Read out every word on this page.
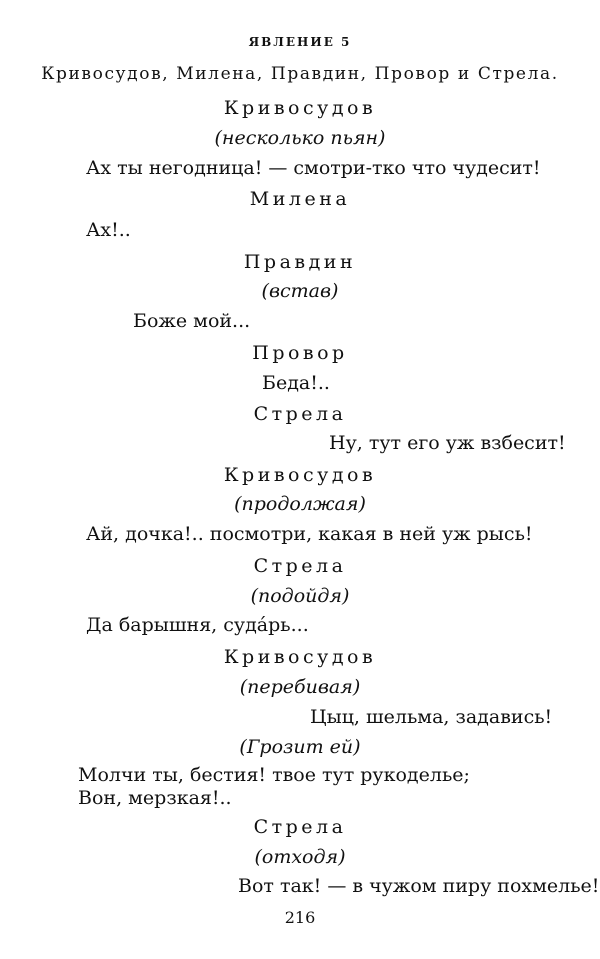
ЯВЛЕНИЕ 5
Кривосудов, Милена, Правдин, Провор и Стрела.
Кривосудов
(несколько пьян)
Ах ты негодница! — смотри-тко что чудесит!
Милена
Ах!..
Правдин
(встав)
Боже мой...
Провор
Беда!..
Стрела
Ну, тут его уж взбесит!
Кривосудов
(продолжая)
Ай, дочка!.. посмотри, какая в ней уж рысь!
Стрела
(подойдя)
Да барышня, суда́рь...
Кривосудов
(перебивая)
Цыц, шельма, задавись!
(Грозит ей)
Молчи ты, бестия! твое тут рукоделье;
Вон, мерзкая!..
Стрела
(отходя)
Вот так! — в чужом пиру похмелье!
216
